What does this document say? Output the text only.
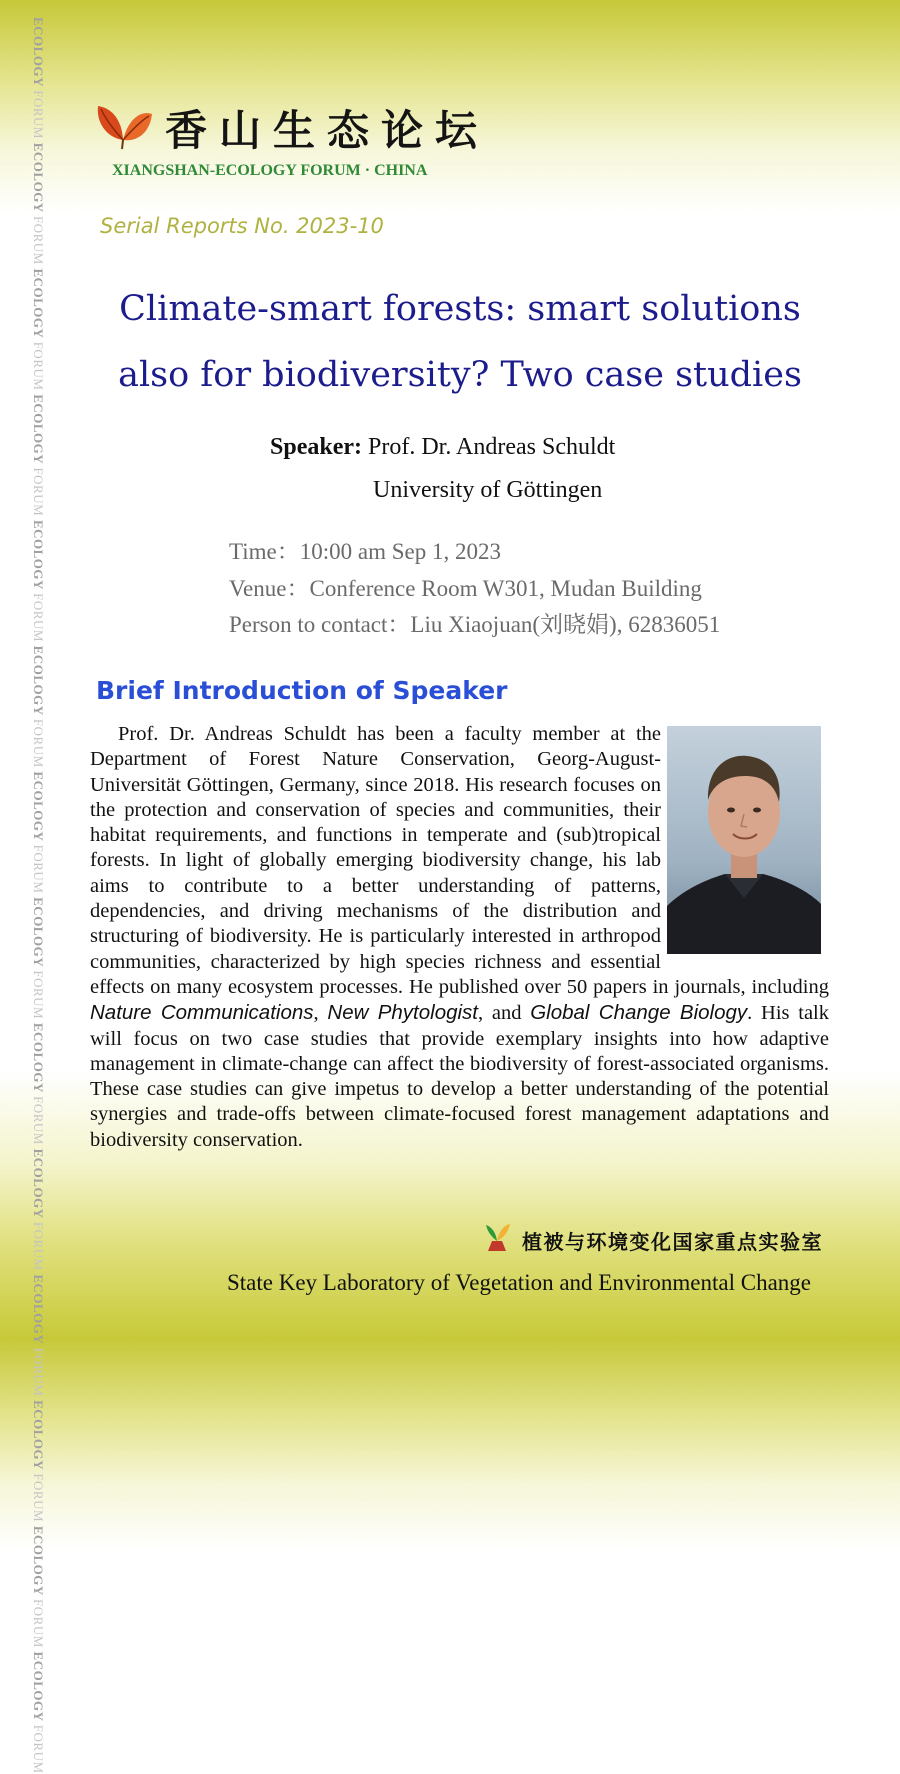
ECOLOGY FORUM ECOLOGY FORUM ECOLOGY FORUM ECOLOGY FORUM ECOLOGY FORUM ECOLOGY FORUM ECOLOGY FORUM ECOLOGY FORUM ECOLOGY FORUM ECOLOGY FORUM ECOLOGY FORUM ECOLOGY FORUM ECOLOGY FORUM ECOLOGY FORUM
香山生态论坛
XIANGSHAN-ECOLOGY FORUM · CHINA
Serial Reports No. 2023-10
Climate-smart forests: smart solutions
also for biodiversity? Two case studies
Speaker: Prof. Dr. Andreas Schuldt
University of Göttingen
Time：10:00 am Sep 1, 2023
Venue：Conference Room W301, Mudan Building
Person to contact：Liu Xiaojuan(刘晓娟), 62836051
Brief Introduction of Speaker

Prof. Dr. Andreas Schuldt has been a faculty member at the Department of Forest Nature Conservation, Georg-August-Universität Göttingen, Germany, since 2018. His research focuses on the protection and conservation of species and communities, their habitat requirements, and functions in temperate and (sub)tropical forests. In light of globally emerging biodiversity change, his lab aims to contribute to a better understanding of patterns, dependencies, and driving mechanisms of the distribution and structuring of biodiversity. He is particularly interested in arthropod communities, characterized by high species richness and essential effects on many ecosystem processes. He published over 50 papers in journals, including Nature Communications, New Phytologist, and Global Change Biology. His talk will focus on two case studies that provide exemplary insights into how adaptive management in climate-change can affect the biodiversity of forest-associated organisms. These case studies can give impetus to develop a better understanding of the potential synergies and trade-offs between climate-focused forest management adaptations and biodiversity conservation.

植被与环境变化国家重点实验室
State Key Laboratory of Vegetation and Environmental Change
